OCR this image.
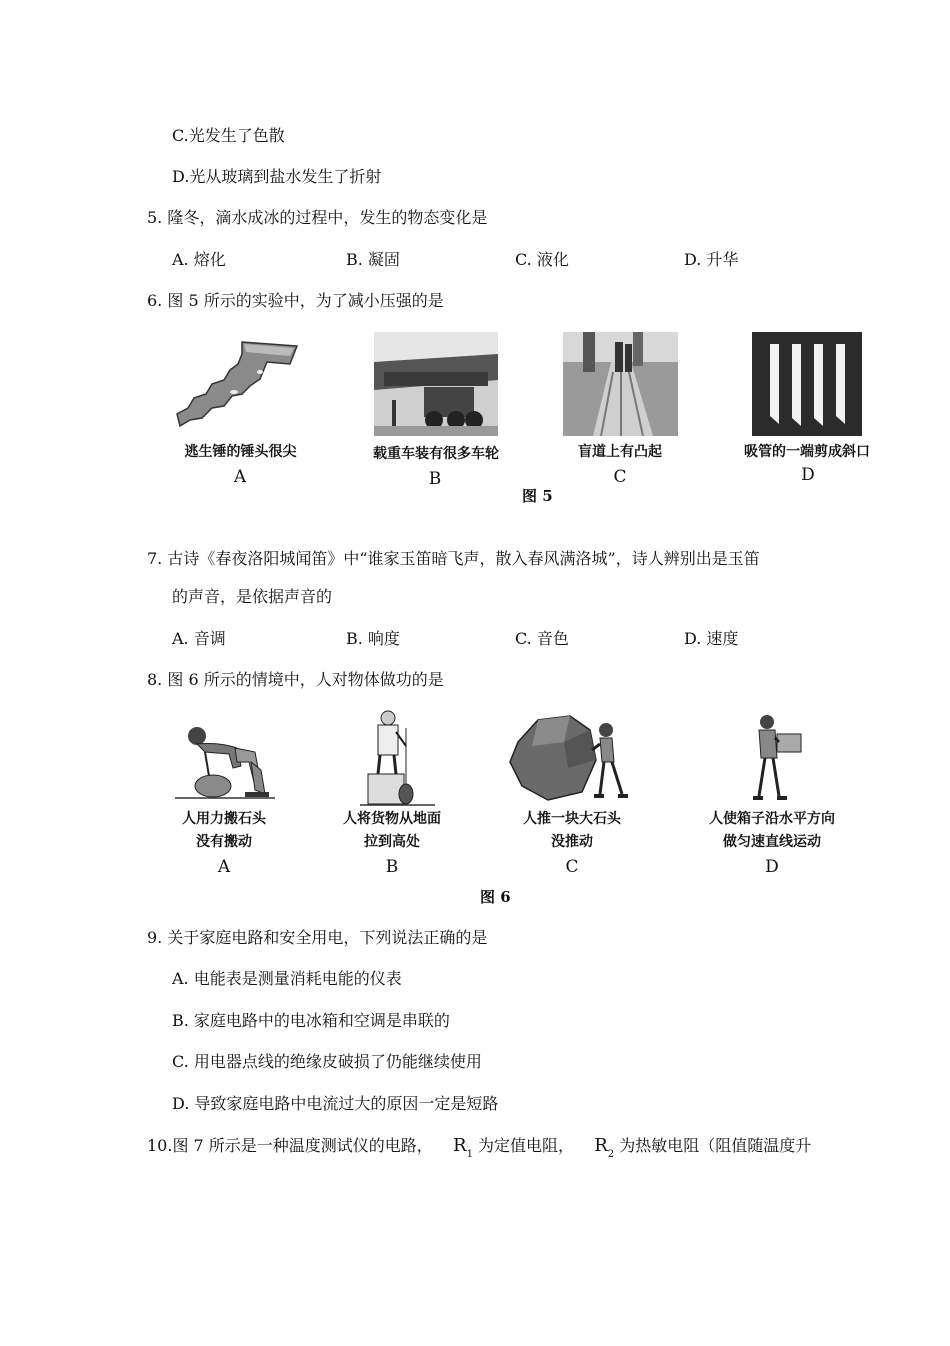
C.光发生了色散
D.光从玻璃到盐水发生了折射
5. 隆冬，滴水成冰的过程中，发生的物态变化是
A. 熔化	B. 凝固	C. 液化	D. 升华
6. 图 5 所示的实验中，为了减小压强的是
逃生锤的锤头很尖	载重车装有很多车轮	盲道上有凸起	吸管的一端剪成斜口
A	B	C	D
图 5
7. 古诗《春夜洛阳城闻笛》中“谁家玉笛暗飞声，散入春风满洛城”，诗人辨别出是玉笛
的声音，是依据声音的
A. 音调	B. 响度	C. 音色	D. 速度
8. 图 6 所示的情境中，人对物体做功的是
人用力搬石头
没有搬动
人将货物从地面
拉到高处
人推一块大石头
没推动
人使箱子沿水平方向
做匀速直线运动
A	B	C	D
图 6
9. 关于家庭电路和安全用电，下列说法正确的是
A. 电能表是测量消耗电能的仪表
B. 家庭电路中的电冰箱和空调是串联的
C. 用电器点线的绝缘皮破损了仍能继续使用
D. 导致家庭电路中电流过大的原因一定是短路
10.图 7 所示是一种温度测试仪的电路， $R_1$ 为定值电阻， $R_2$ 为热敏电阻（阻值随温度升
